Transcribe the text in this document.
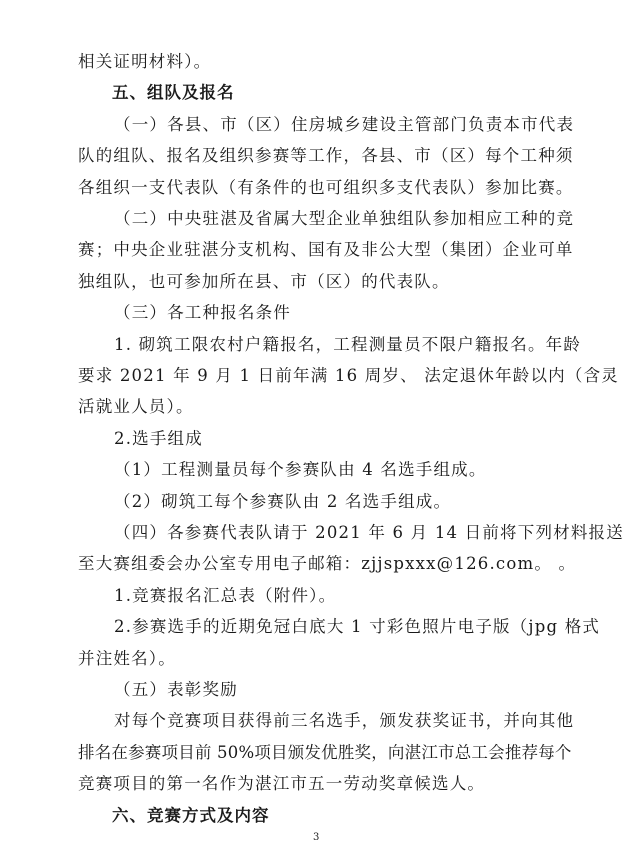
相关证明材料）。
五、组队及报名
（一）各县、市（区）住房城乡建设主管部门负责本市代表
队的组队、报名及组织参赛等工作，各县、市（区）每个工种须
各组织一支代表队（有条件的也可组织多支代表队）参加比赛。
（二）中央驻湛及省属大型企业单独组队参加相应工种的竞
赛；中央企业驻湛分支机构、国有及非公大型（集团）企业可单
独组队，也可参加所在县、市（区）的代表队。
（三）各工种报名条件
1. 砌筑工限农村户籍报名，工程测量员不限户籍报名。年龄
要求 2021 年 9 月 1 日前年满 16 周岁、 法定退休年龄以内（含灵
活就业人员）。
2.选手组成
（1）工程测量员每个参赛队由 4 名选手组成。
（2）砌筑工每个参赛队由 2 名选手组成。
（四）各参赛代表队请于 2021 年 6 月 14 日前将下列材料报送
至大赛组委会办公室专用电子邮箱：zjjspxxx@126.com。 。
1.竞赛报名汇总表（附件）。
2.参赛选手的近期免冠白底大 1 寸彩色照片电子版（jpg 格式
并注姓名）。
（五）表彰奖励
对每个竞赛项目获得前三名选手，颁发获奖证书，并向其他
排名在参赛项目前 50%项目颁发优胜奖，向湛江市总工会推荐每个
竞赛项目的第一名作为湛江市五一劳动奖章候选人。
六、竞赛方式及内容
3
